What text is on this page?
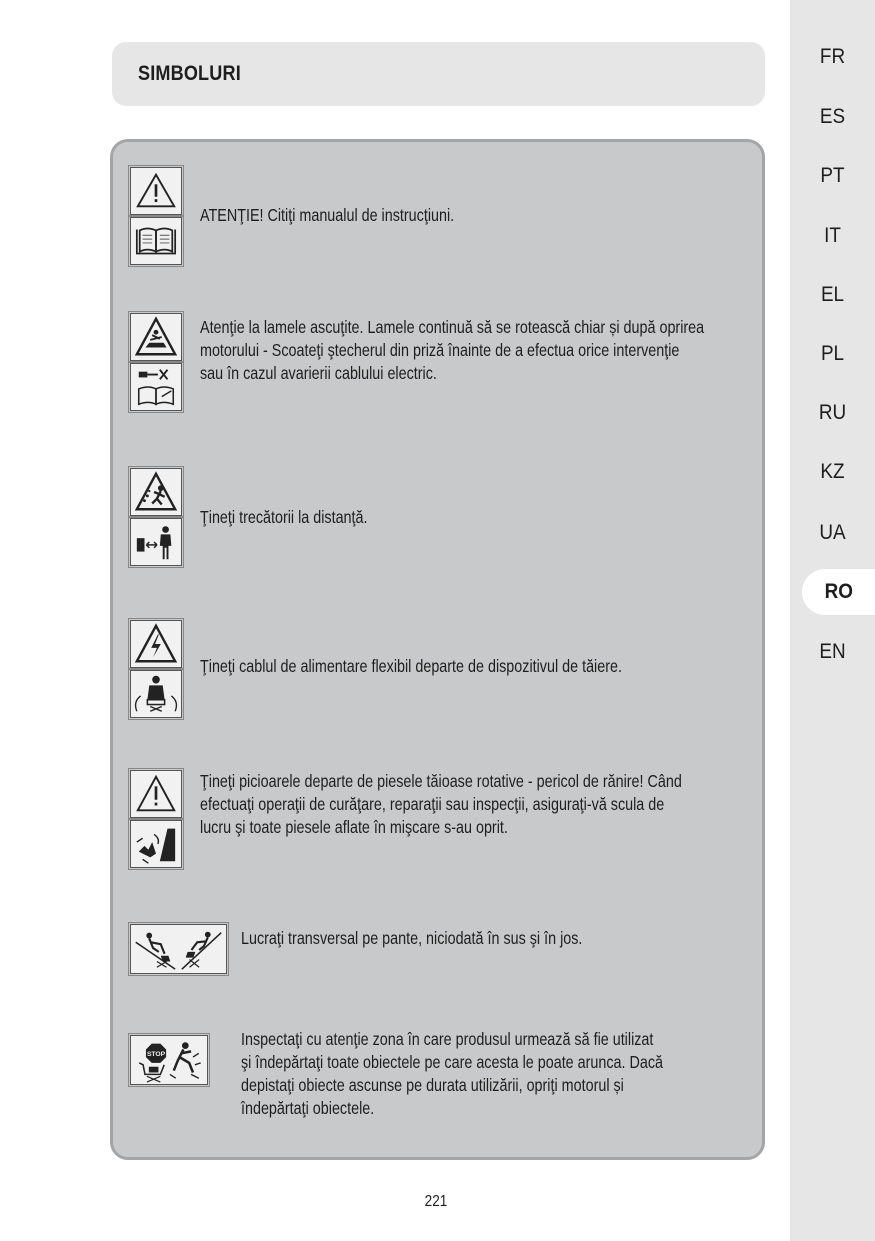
SIMBOLURI
ATENŢIE! Citiţi manualul de instrucţiuni.
Atenţie la lamele ascuţite. Lamele continuă să se rotească chiar și după oprirea
motorului - Scoateţi ştecherul din priză înainte de a efectua orice intervenţie
sau în cazul avarierii cablului electric.
Ţineţi trecătorii la distanţă.
Ţineţi cablul de alimentare flexibil departe de dispozitivul de tăiere.
Ţineţi picioarele departe de piesele tăioase rotative - pericol de rănire! Când
efectuaţi operaţii de curăţare, reparaţii sau inspecţii, asiguraţi-vă scula de
lucru şi toate piesele aflate în mişcare s-au oprit.
Lucraţi transversal pe pante, niciodată în sus şi în jos.
STOP
Inspectaţi cu atenţie zona în care produsul urmează să fie utilizat
şi îndepărtaţi toate obiectele pe care acesta le poate arunca. Dacă
depistaţi obiecte ascunse pe durata utilizării, opriţi motorul și
îndepărtaţi obiectele.
FR
ES
PT
IT
EL
PL
RU
KZ
UA
RO
EN
221
